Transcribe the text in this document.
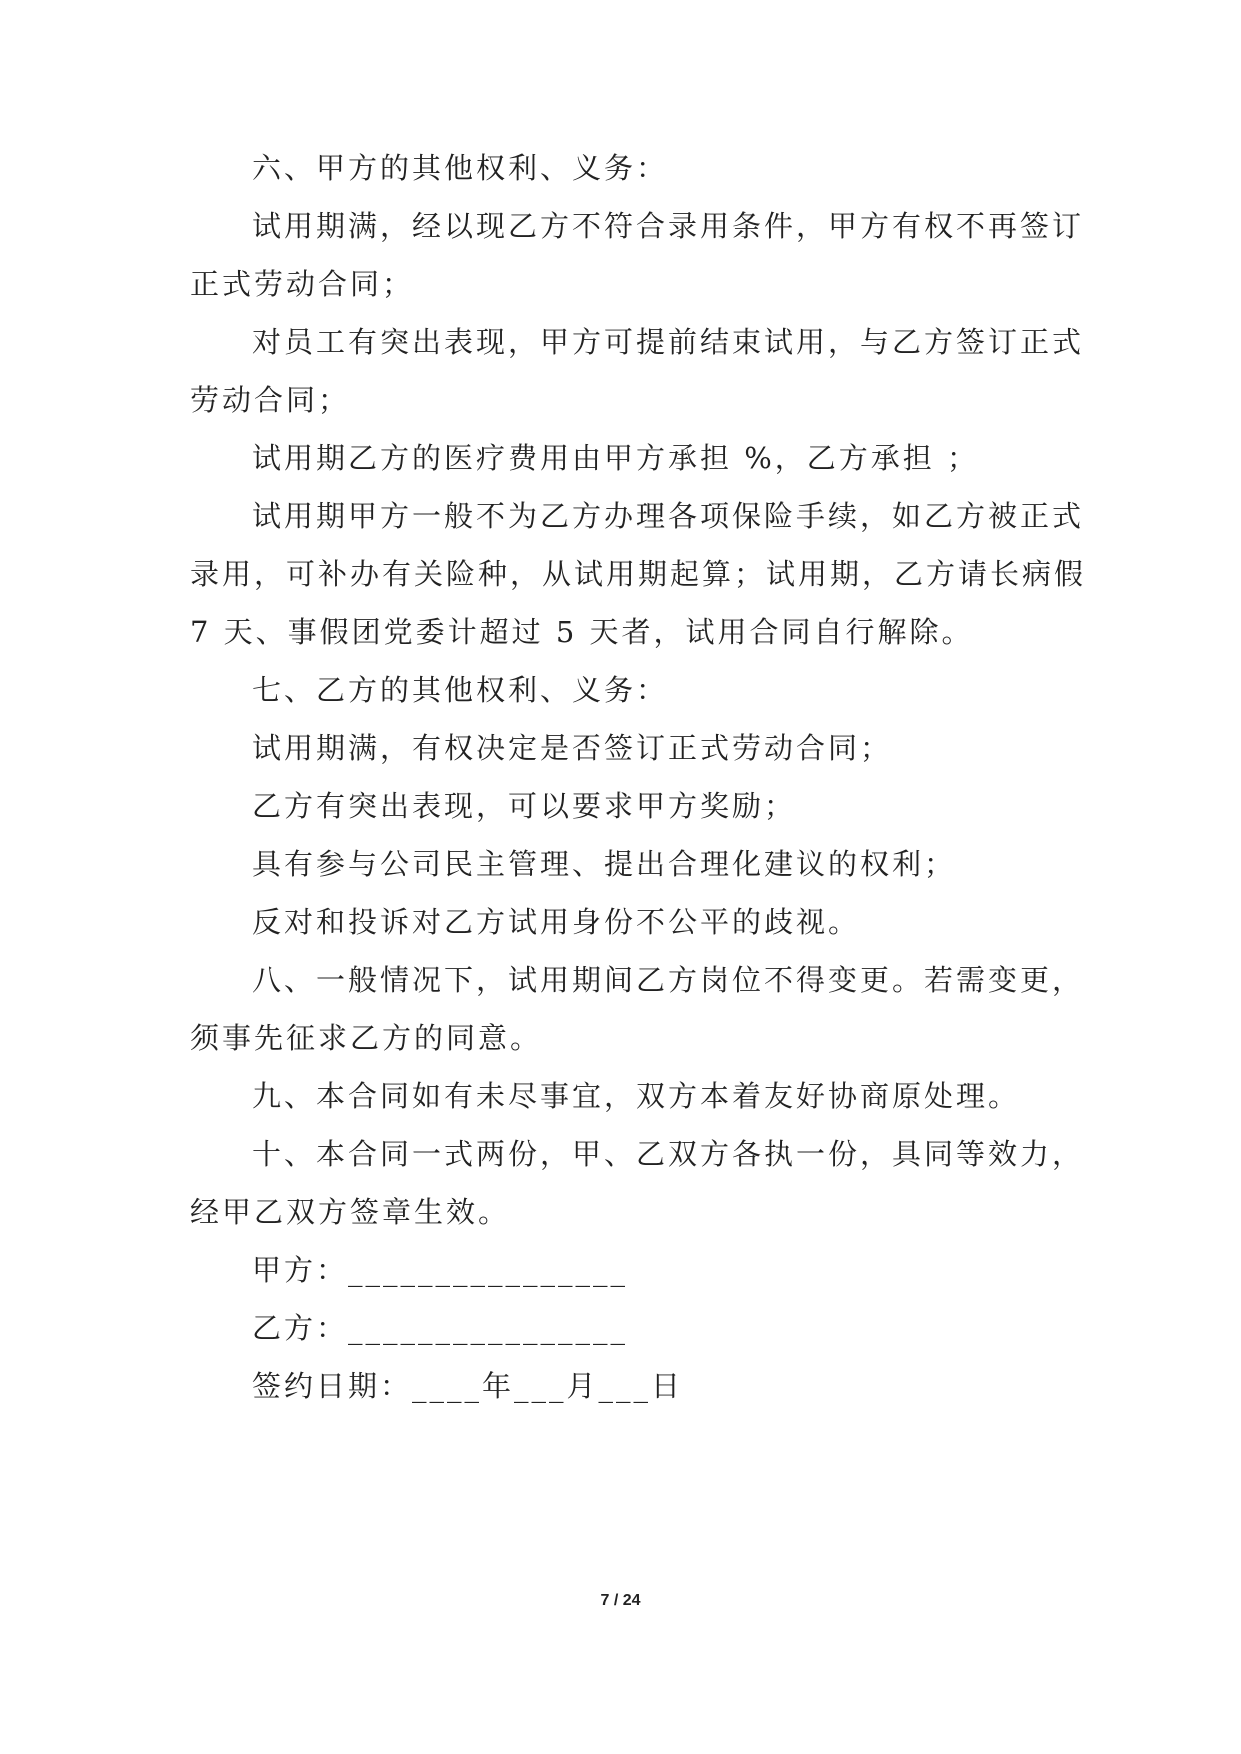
六、甲方的其他权利、义务：
试用期满，经以现乙方不符合录用条件，甲方有权不再签订
正式劳动合同；
对员工有突出表现，甲方可提前结束试用，与乙方签订正式
劳动合同；
试用期乙方的医疗费用由甲方承担 %，乙方承担 ；
试用期甲方一般不为乙方办理各项保险手续，如乙方被正式
录用，可补办有关险种，从试用期起算；试用期，乙方请长病假
7 天、事假团党委计超过 5 天者，试用合同自行解除。
七、乙方的其他权利、义务：
试用期满，有权决定是否签订正式劳动合同；
乙方有突出表现，可以要求甲方奖励；
具有参与公司民主管理、提出合理化建议的权利；
反对和投诉对乙方试用身份不公平的歧视。
八、一般情况下，试用期间乙方岗位不得变更。若需变更，
须事先征求乙方的同意。
九、本合同如有未尽事宜，双方本着友好协商原处理。
十、本合同一式两份，甲、乙双方各执一份，具同等效力，
经甲乙双方签章生效。
甲方：________________
乙方：________________
签约日期：____年___月___日
7 / 24
